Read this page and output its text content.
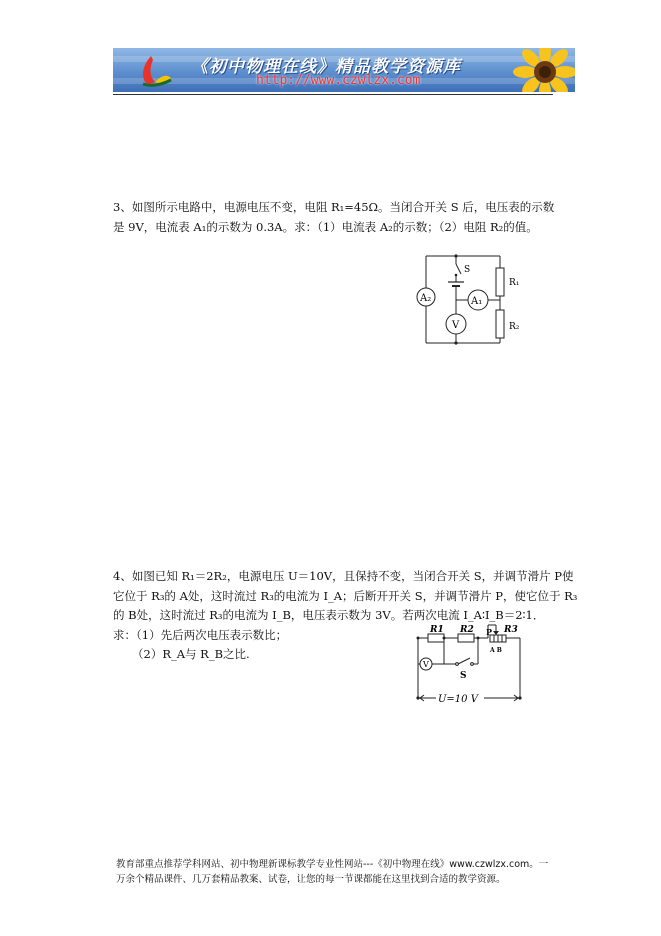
《初中物理在线》精品教学资源库
http://www.czwlzx.com
3、如图所示电路中，电源电压不变，电阻 R₁=45Ω。当闭合开关 S 后，电压表的示数
是 9V，电流表 A₁的示数为 0.3A。求：（1）电流表 A₂的示数；（2）电阻 R₂的值。
A₂
R₁
R₂
S
A₁
V
4、如图已知 R₁＝2R₂，电源电压 U＝10V，且保持不变，当闭合开关 S，并调节滑片 P使
它位于 R₃的 A处，这时流过 R₃的电流为 I_A；后断开开关 S，并调节滑片 P，使它位于 R₃
的 B处，这时流过 R₃的电流为 I_B，电压表示数为 3V。若两次电流 I_A∶I_B＝2∶1．
求：（1）先后两次电压表示数比；
（2）R_A与 R_B之比.
R1 R2	R3
P
A B
V
S
U=10 V
教育部重点推荐学科网站、初中物理新课标教学专业性网站---《初中物理在线》www.czwlzx.com。一
万余个精品课件、几万套精品教案、试卷，让您的每一节课都能在这里找到合适的教学资源。
